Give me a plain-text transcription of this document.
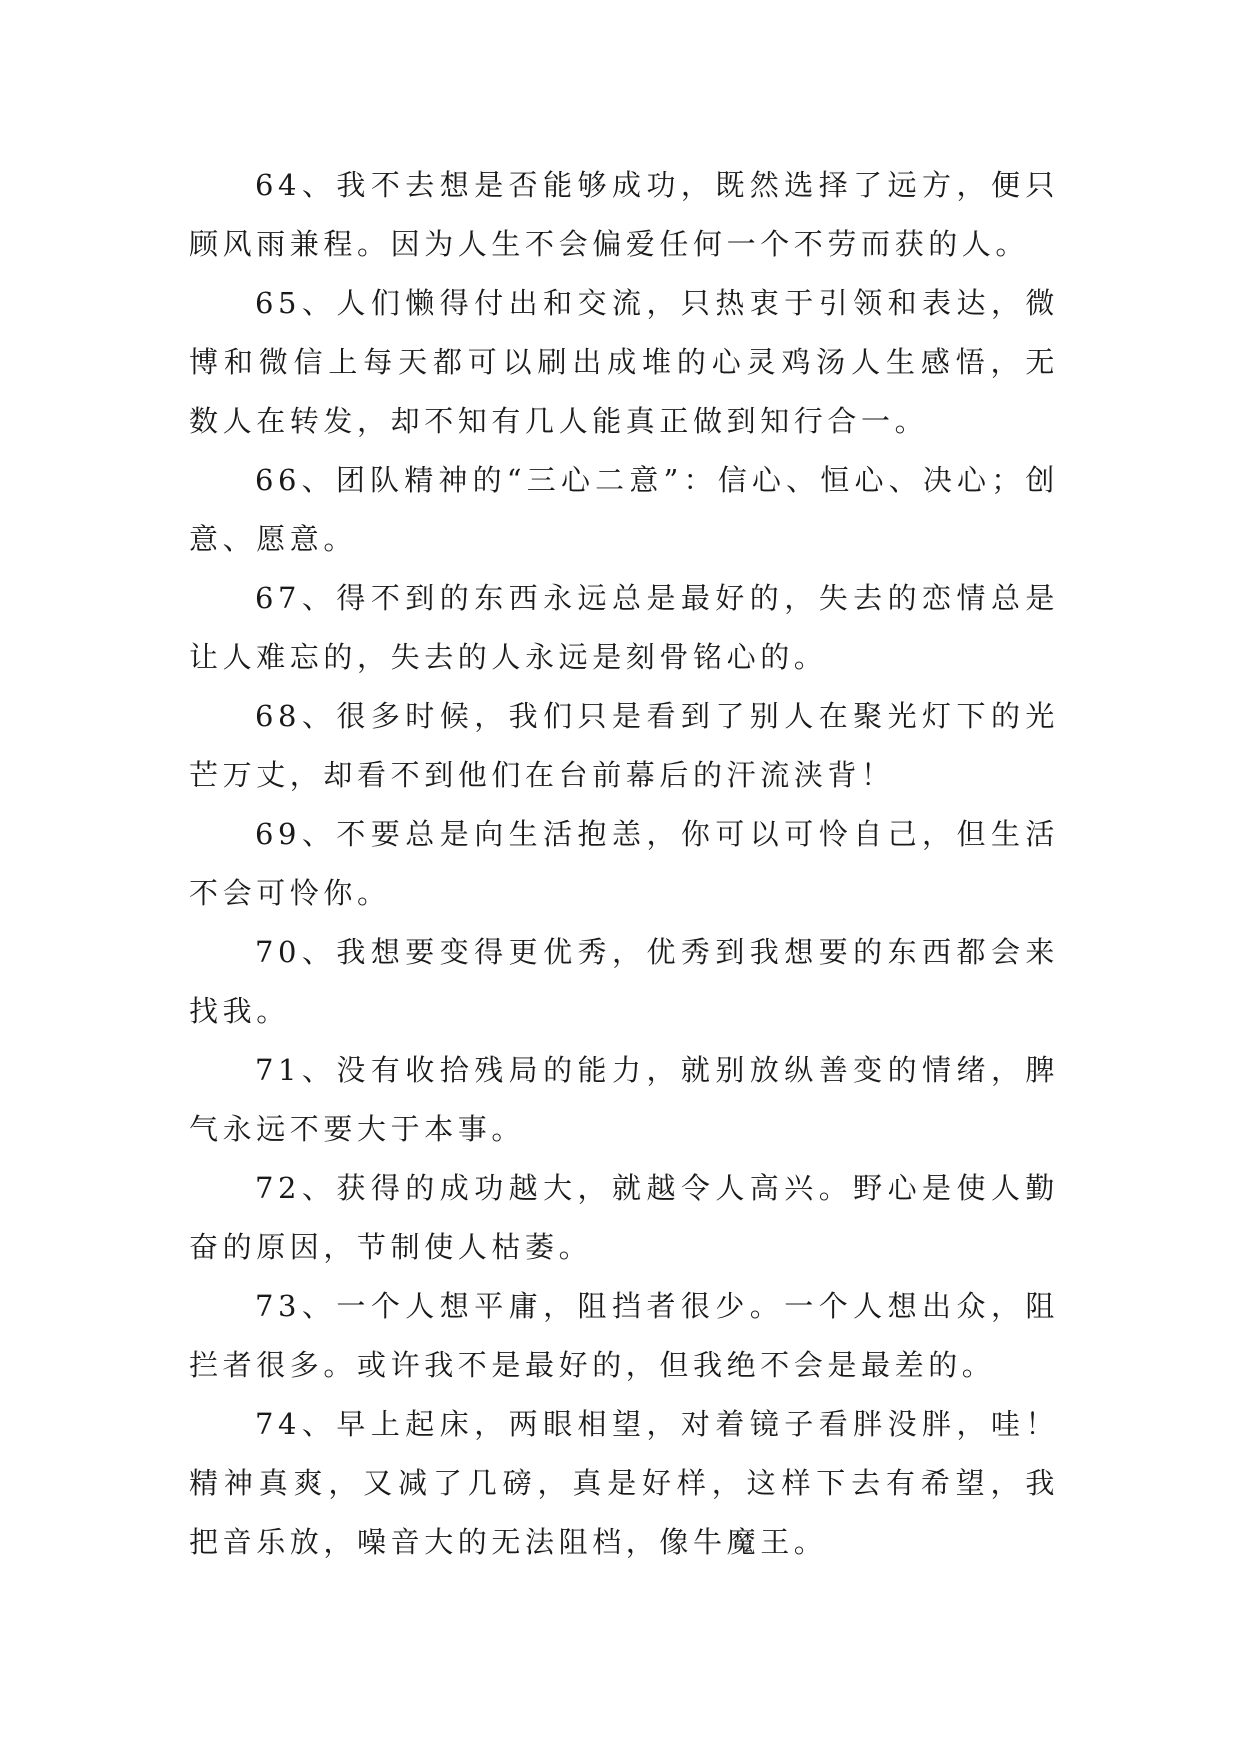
64、我不去想是否能够成功，既然选择了远方，便只顾风雨兼程。因为人生不会偏爱任何一个不劳而获的人。

65、人们懒得付出和交流，只热衷于引领和表达，微博和微信上每天都可以刷出成堆的心灵鸡汤人生感悟，无数人在转发，却不知有几人能真正做到知行合一。

66、团队精神的“三心二意”：信心、恒心、决心；创意、愿意。

67、得不到的东西永远总是最好的，失去的恋情总是让人难忘的，失去的人永远是刻骨铭心的。

68、很多时候，我们只是看到了别人在聚光灯下的光芒万丈，却看不到他们在台前幕后的汗流浃背！

69、不要总是向生活抱恙，你可以可怜自己，但生活不会可怜你。

70、我想要变得更优秀，优秀到我想要的东西都会来找我。

71、没有收拾残局的能力，就别放纵善变的情绪，脾气永远不要大于本事。

72、获得的成功越大，就越令人高兴。野心是使人勤奋的原因，节制使人枯萎。

73、一个人想平庸，阻挡者很少。一个人想出众，阻拦者很多。或许我不是最好的，但我绝不会是最差的。

74、早上起床，两眼相望，对着镜子看胖没胖，哇！精神真爽，又减了几磅，真是好样，这样下去有希望，我把音乐放，噪音大的无法阻档，像牛魔王。
